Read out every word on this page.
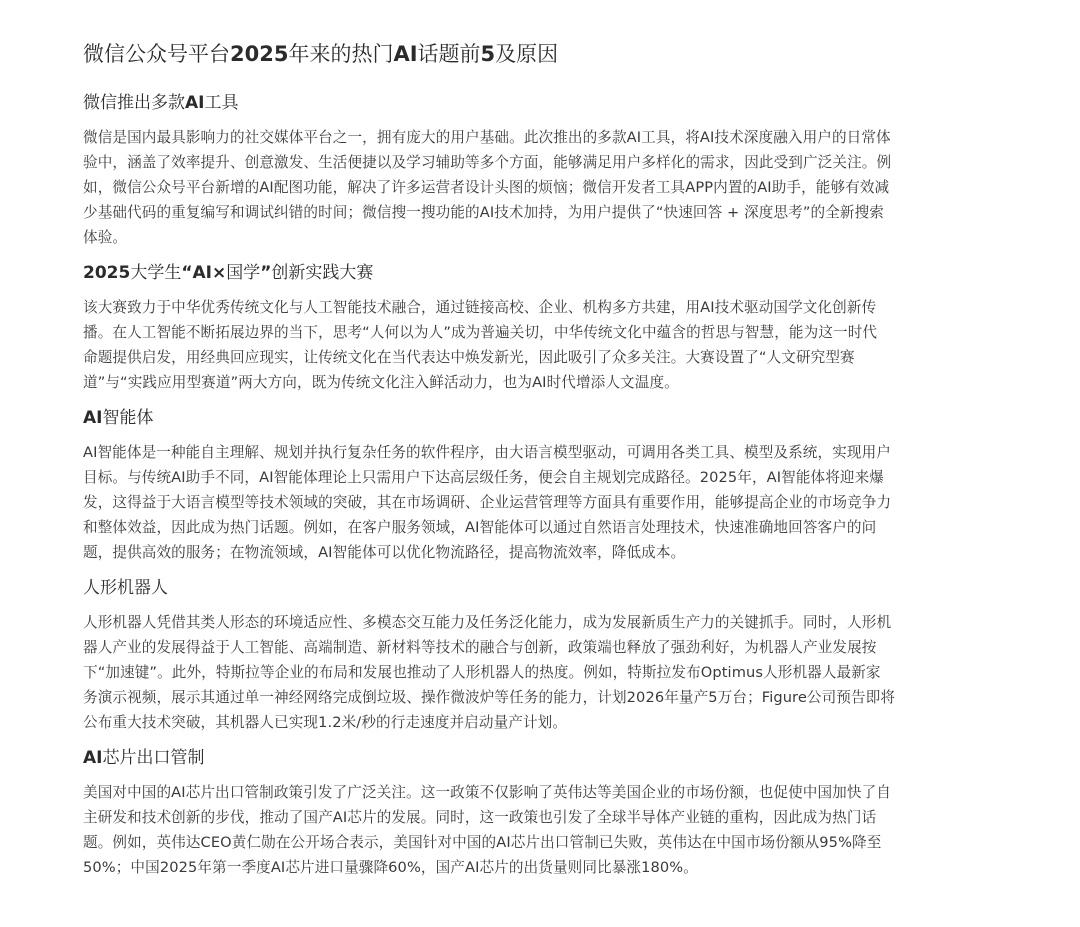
微信公众号平台2025年来的热门AI话题前5及原因
微信推出多款AI工具

微信是国内最具影响力的社交媒体平台之一，拥有庞大的用户基础。此次推出的多款AI工具，将AI技术深度融入用户的日常体
验中，涵盖了效率提升、创意激发、生活便捷以及学习辅助等多个方面，能够满足用户多样化的需求，因此受到广泛关注。例
如，微信公众号平台新增的AI配图功能，解决了许多运营者设计头图的烦恼；微信开发者工具APP内置的AI助手，能够有效减
少基础代码的重复编写和调试纠错的时间；微信搜一搜功能的AI技术加持，为用户提供了“快速回答 + 深度思考”的全新搜索
体验。

2025大学生“AI×国学”创新实践大赛

该大赛致力于中华优秀传统文化与人工智能技术融合，通过链接高校、企业、机构多方共建，用AI技术驱动国学文化创新传
播。在人工智能不断拓展边界的当下，思考“人何以为人”成为普遍关切，中华传统文化中蕴含的哲思与智慧，能为这一时代
命题提供启发，用经典回应现实，让传统文化在当代表达中焕发新光，因此吸引了众多关注。大赛设置了“人文研究型赛
道”与“实践应用型赛道”两大方向，既为传统文化注入鲜活动力，也为AI时代增添人文温度。

AI智能体

AI智能体是一种能自主理解、规划并执行复杂任务的软件程序，由大语言模型驱动，可调用各类工具、模型及系统，实现用户
目标。与传统AI助手不同，AI智能体理论上只需用户下达高层级任务，便会自主规划完成路径。2025年，AI智能体将迎来爆
发，这得益于大语言模型等技术领域的突破，其在市场调研、企业运营管理等方面具有重要作用，能够提高企业的市场竞争力
和整体效益，因此成为热门话题。例如，在客户服务领域，AI智能体可以通过自然语言处理技术，快速准确地回答客户的问
题，提供高效的服务；在物流领域，AI智能体可以优化物流路径，提高物流效率，降低成本。

人形机器人

人形机器人凭借其类人形态的环境适应性、多模态交互能力及任务泛化能力，成为发展新质生产力的关键抓手。同时，人形机
器人产业的发展得益于人工智能、高端制造、新材料等技术的融合与创新，政策端也释放了强劲利好，为机器人产业发展按
下“加速键”。此外，特斯拉等企业的布局和发展也推动了人形机器人的热度。例如，特斯拉发布Optimus人形机器人最新家
务演示视频，展示其通过单一神经网络完成倒垃圾、操作微波炉等任务的能力，计划2026年量产5万台；Figure公司预告即将
公布重大技术突破，其机器人已实现1.2米/秒的行走速度并启动量产计划。

AI芯片出口管制

美国对中国的AI芯片出口管制政策引发了广泛关注。这一政策不仅影响了英伟达等美国企业的市场份额，也促使中国加快了自
主研发和技术创新的步伐，推动了国产AI芯片的发展。同时，这一政策也引发了全球半导体产业链的重构，因此成为热门话
题。例如，英伟达CEO黄仁勋在公开场合表示，美国针对中国的AI芯片出口管制已失败，英伟达在中国市场份额从95%降至
50%；中国2025年第一季度AI芯片进口量骤降60%，国产AI芯片的出货量则同比暴涨180%。
